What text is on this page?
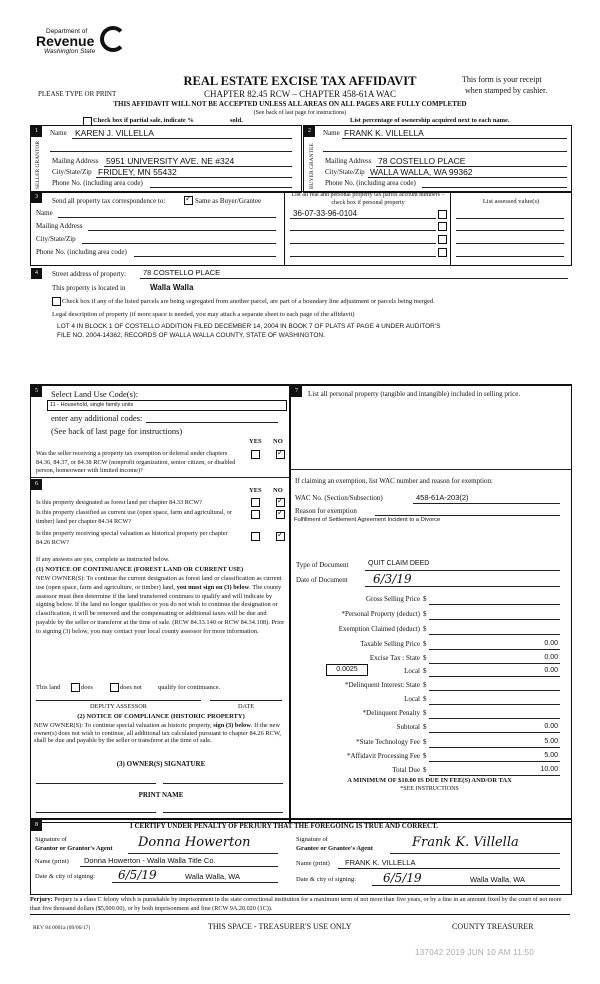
Department of
Revenue
Washington State
REAL ESTATE EXCISE TAX AFFIDAVIT
CHAPTER 82.45 RCW – CHAPTER 458-61A WAC
PLEASE TYPE OR PRINT
This form is your receipt
when stamped by cashier.
THIS AFFIDAVIT WILL NOT BE ACCEPTED UNLESS ALL AREAS ON ALL PAGES ARE FULLY COMPLETED
(See back of last page for instructions)
Check box if partial sale, indicate %	sold.	List percentage of ownership acquired next to each name.
1	2
SELLER GRANTOR	BUYER GRANTEE
Name KAREN J. VILLELLA
Mailing Address 5951 UNIVERSITY AVE. NE #324
City/State/Zip FRIDLEY, MN 55432
Phone No. (including area code)
Name FRANK K. VILLELLA
Mailing Address 78 COSTELLO PLACE
City/State/Zip WALLA WALLA, WA 99362
Phone No. (including area code)
3	Send all property tax correspondence to: ✓	Same as Buyer/Grantee
Name
Mailing Address
City/State/Zip
Phone No. (including area code)
List all real and personal property tax parcel account numbers – check box if personal property	List assessed value(s)
36-07-33-96-0104
4	Street address of property: 78 COSTELLO PLACE
This property is located in	Walla Walla
Check box if any of the listed parcels are being segregated from another parcel, are part of a boundary line adjustment or parcels being merged.
Legal description of property (if more space is needed, you may attach a separate sheet to each page of the affidavit)
LOT 4 IN BLOCK 1 OF COSTELLO ADDITION FILED DECEMBER 14, 2004 IN BOOK 7 OF PLATS AT PAGE 4 UNDER AUDITOR'S
FILE NO. 2004-14362, RECORDS OF WALLA WALLA COUNTY, STATE OF WASHINGTON.
5	Select Land Use Code(s):
11 - Household, single family units
enter any additional codes:
(See back of last page for instructions)
YES NO
Was the seller receiving a property tax exemption or deferral under chapters 84.36, 84.37, or 84.38 RCW (nonprofit organization, senior citizen, or disabled person, homeowner with limited income)?
✓
6
YES NO
Is this property designated as forest land per chapter 84.33 RCW?
✓
Is this property classified as current use (open space, farm and agricultural, or timber) land per chapter 84.34 RCW?
✓
Is this property receiving special valuation as historical property per chapter 84.26 RCW?
✓
If any answers are yes, complete as instructed below.
(1) NOTICE OF CONTINUANCE (FOREST LAND OR CURRENT USE)
NEW OWNER(S): To continue the current designation as forest land or classification as current use (open space, farm and agriculture, or timber) land, you must sign on (3) below. The county assessor must then determine if the land transferred continues to qualify and will indicate by signing below. If the land no longer qualifies or you do not wish to continue the designation or classification, it will be removed and the compensating or additional taxes will be due and payable by the seller or transferor at the time of sale. (RCW 84.33.140 or RCW 84.34.108). Prior to signing (3) below, you may contact your local county assessor for more information.
This land	does	does not qualify for continuance.
DEPUTY ASSESSOR	DATE
(2) NOTICE OF COMPLIANCE (HISTORIC PROPERTY)
NEW OWNER(S): To continue special valuation as historic property, sign (3) below. If the new owner(s) does not wish to continue, all additional tax calculated pursuant to chapter 84.26 RCW, shall be due and payable by the seller or transferor at the time of sale.
(3) OWNER(S) SIGNATURE
PRINT NAME
7	List all personal property (tangible and intangible) included in selling price.
If claiming an exemption, list WAC number and reason for exemption:
WAC No. (Section/Subsection)	458-61A-203(2)
Reason for exemption
Fulfillment of Settlement Agreement Incident to a Divorce
Type of Document	QUIT CLAIM DEED
Date of Document 6/3/19
0.0025
Gross Selling Price $
*Personal Property (deduct) $
Exemption Claimed (deduct) $
Taxable Selling Price $	0.00
Excise Tax : State $	0.00
Local $	0.00
*Delinquent Interest: State $
Local $
*Delinquent Penalty $
Subtotal $	0.00
*State Technology Fee $	5.00
*Affidavit Processing Fee $	5.00
Total Due $	10.00
A MINIMUM OF $10.00 IS DUE IN FEE(S) AND/OR TAX
*SEE INSTRUCTIONS
8	I CERTIFY UNDER PENALTY OF PERJURY THAT THE FOREGOING IS TRUE AND CORRECT.
Signature of
Grantor or Grantor's Agent Donna Howerton
Name (print) Donna Howerton - Walla Walla Title Co.
Date & city of signing: 6/5/19	Walla Walla, WA
Signature of
Grantee or Grantee's Agent	Frank K. Villella
Name (print) FRANK K. VILLELLA
Date & city of signing: 6/5/19	Walla Walla, WA
Perjury: Perjury is a class C felony which is punishable by imprisonment in the state correctional institution for a maximum term of not more than five years, or by a fine in an amount fixed by the court of not more than five thousand dollars ($5,000.00), or by both imprisonment and fine (RCW 9A.20.020 (1C)).
REV 84 0001a (09/06/17)	THIS SPACE - TREASURER'S USE ONLY	COUNTY TREASURER
137042 2019 JUN 10 AM 11:50
